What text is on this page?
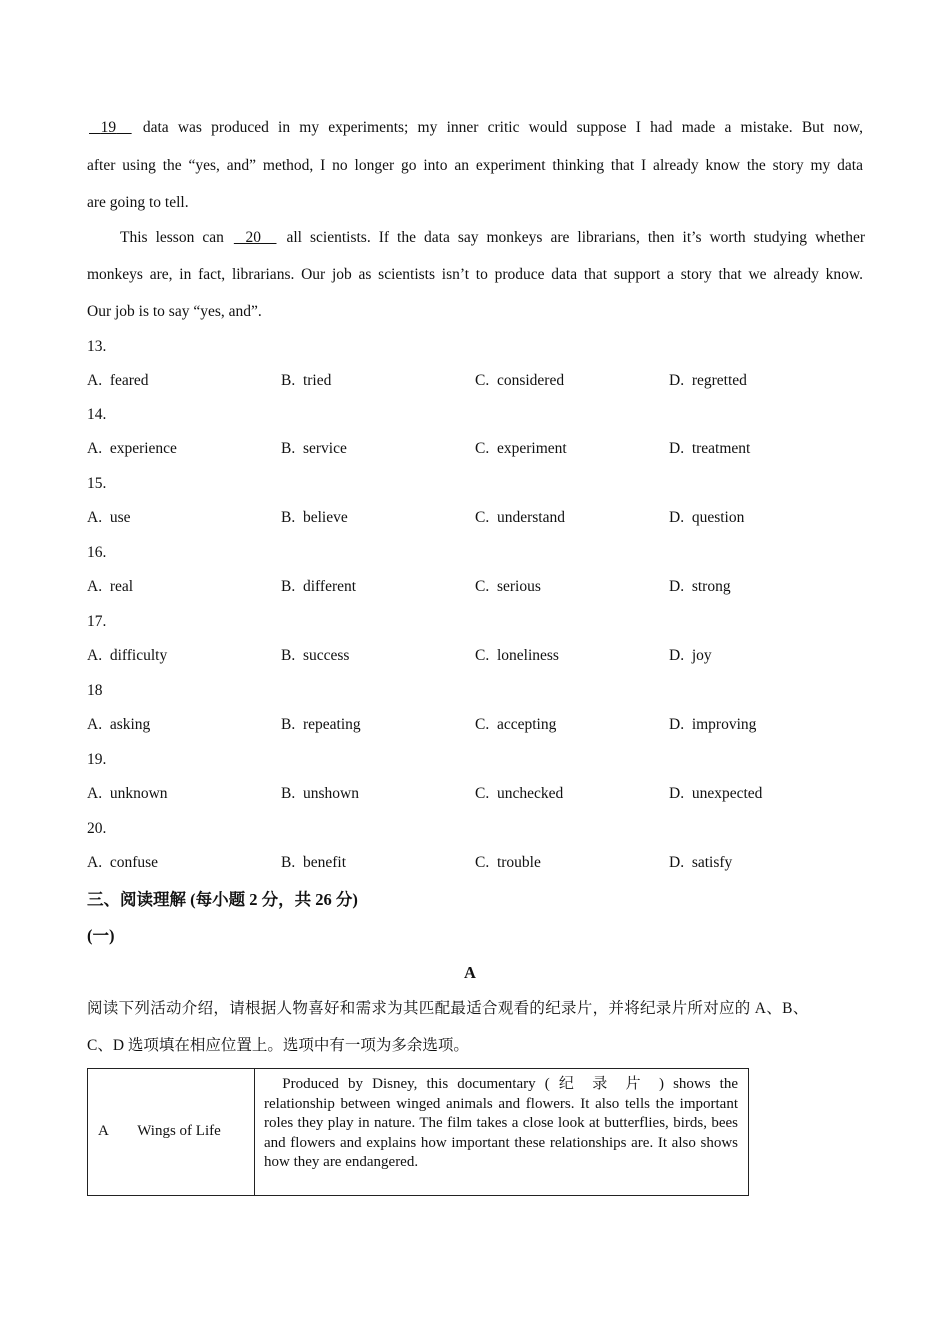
19 data was produced in my experiments; my inner critic would suppose I had made a mistake. But now,
after using the “yes, and” method, I no longer go into an experiment thinking that I already know the story my data
are going to tell.
This lesson can 20 all scientists. If the data say monkeys are librarians, then it’s worth studying whether
monkeys are, in fact, librarians. Our job as scientists isn’t to produce data that support a story that we already know.
Our job is to say “yes, and”.
13.
A.  feared	B.  tried	C.  considered	D.  regretted
14.
A.  experience	B.  service	C.  experiment	D.  treatment
15.
A.  use	B.  believe	C.  understand	D.  question
16.
A.  real	B.  different	C.  serious	D.  strong
17.
A.  difficulty	B.  success	C.  loneliness	D.  joy
18
A.  asking	B.  repeating	C.  accepting	D.  improving
19.
A.  unknown	B.  unshown	C.  unchecked	D.  unexpected
20.
A.  confuse	B.  benefit	C.  trouble	D.  satisfy
三、阅读理解 (每小题 2 分，共 26 分)
(一)
A
阅读下列活动介绍，请根据人物喜好和需求为其匹配最适合观看的纪录片，并将纪录片所对应的 A、B、
C、D 选项填在相应位置上。选项中有一项为多余选项。
A Wings of Life	Produced by Disney, this documentary ( 纪录片) shows the relationship between winged animals and flowers. It also tells the important roles they play in nature. The film takes a close look at butterflies, birds, bees and flowers and explains how important these relationships are. It also shows how they are endangered.
